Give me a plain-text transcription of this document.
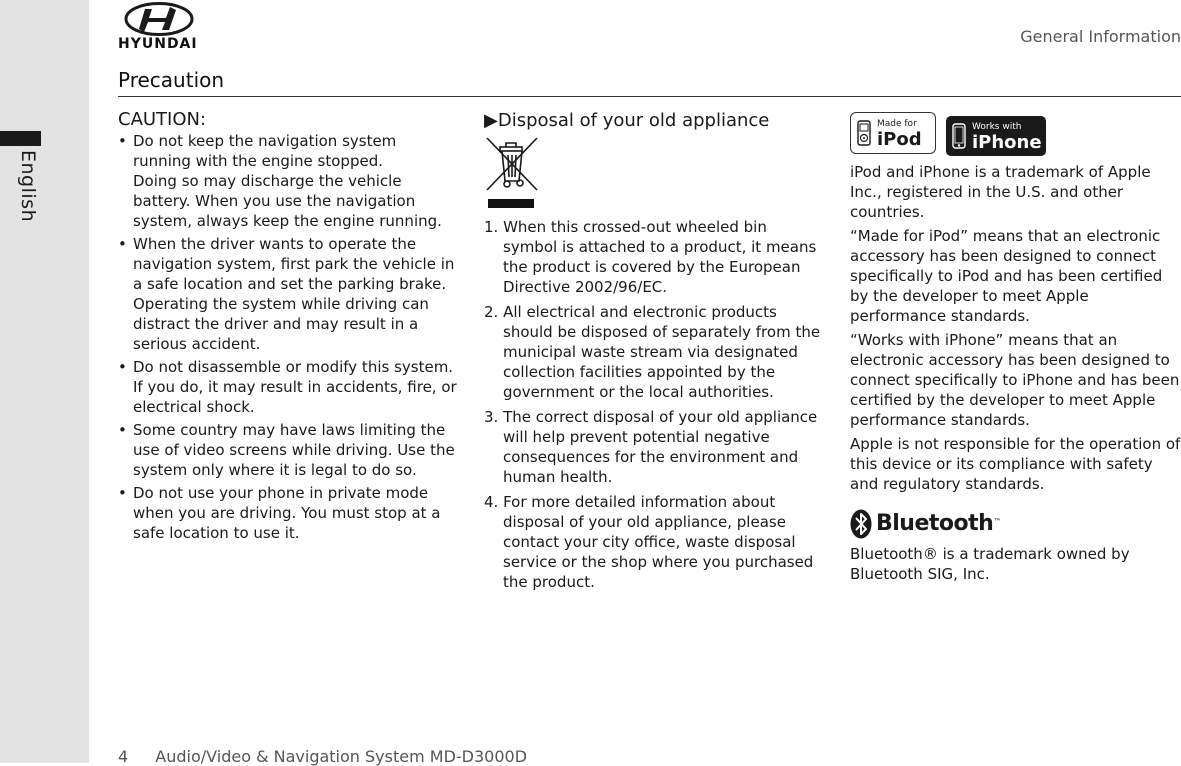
English
HYUNDAI	General Information
Precaution
CAUTION:
• Do not keep the navigation system running with the engine stopped.
Doing so may discharge the vehicle battery. When you use the navigation system, always keep the engine running.
• When the driver wants to operate the navigation system, first park the vehicle in a safe location and set the parking brake. Operating the system while driving can distract the driver and may result in a serious accident.
• Do not disassemble or modify this system. If you do, it may result in accidents, fire, or electrical shock.
• Some country may have laws limiting the use of video screens while driving. Use the system only where it is legal to do so.
• Do not use your phone in private mode when you are driving. You must stop at a safe location to use it.
▶Disposal of your old appliance
1. When this crossed-out wheeled bin symbol is attached to a product, it means the product is covered by the European Directive 2002/96/EC.
2. All electrical and electronic products should be disposed of separately from the municipal waste stream via designated collection facilities appointed by the government or the local authorities.
3. The correct disposal of your old appliance will help prevent potential negative consequences for the environment and human health.
4. For more detailed information about disposal of your old appliance, please contact your city office, waste disposal service or the shop where you purchased the product.
Made for
iPod
Works with
iPhone

iPod and iPhone is a trademark of Apple Inc., registered in the U.S. and other countries.

“Made for iPod” means that an electronic accessory has been designed to connect specifically to iPod and has been certified by the developer to meet Apple performance standards.

“Works with iPhone” means that an electronic accessory has been designed to connect specifically to iPhone and has been certified by the developer to meet Apple performance standards.

Apple is not responsible for the operation of this device or its compliance with safety and regulatory standards.

Bluetooth ™

Bluetooth® is a trademark owned by Bluetooth SIG, Inc.

4 Audio/Video & Navigation System MD-D3000D
